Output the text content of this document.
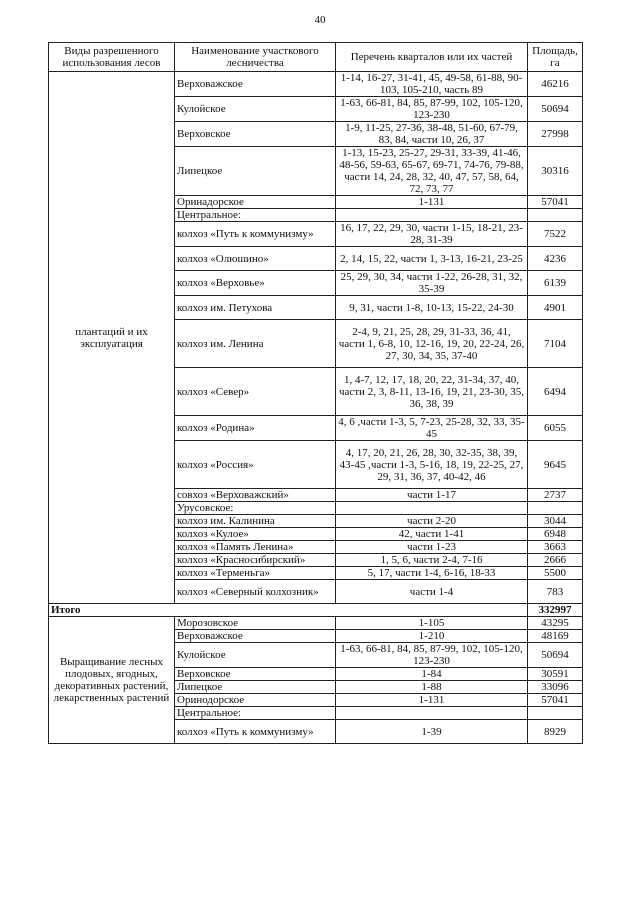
40
Виды разрешенного использования лесов	Наименование участкового лесничества	Перечень кварталов или их частей	Площадь, га
плантаций и их эксплуатация	Верховажское	1-14, 16-27, 31-41, 45, 49-58, 61-88, 90-103, 105-210, часть 89	46216
	Кулойское	1-63, 66-81, 84, 85, 87-99, 102, 105-120, 123-230	50694
	Верховское	1-9, 11-25, 27-36, 38-48, 51-60, 67-79, 83, 84, части 10, 26, 37	27998
	Липецкое	1-13, 15-23, 25-27, 29-31, 33-39, 41-46, 48-56, 59-63, 65-67, 69-71, 74-76, 79-88, части 14, 24, 28, 32, 40, 47, 57, 58, 64, 72, 73, 77	30316
	Оринадорское	1-131	57041
	Центральное:		
	колхоз «Путь к коммунизму»	16, 17, 22, 29, 30, части 1-15, 18-21, 23-28, 31-39	7522
	колхоз «Олюшино»	2, 14, 15, 22, части 1, 3-13, 16-21, 23-25	4236
	колхоз «Верховье»	25, 29, 30, 34, части 1-22, 26-28, 31, 32, 35-39	6139
	колхоз им. Петухова	9, 31, части 1-8, 10-13, 15-22, 24-30	4901
	колхоз им. Ленина	2-4, 9, 21, 25, 28, 29, 31-33, 36, 41, части 1, 6-8, 10, 12-16, 19, 20, 22-24, 26, 27, 30, 34, 35, 37-40	7104
	колхоз «Север»	1, 4-7, 12, 17, 18, 20, 22, 31-34, 37, 40, части 2, 3, 8-11, 13-16, 19, 21, 23-30, 35, 36, 38, 39	6494
	колхоз «Родина»	4, 6 ,части 1-3, 5, 7-23, 25-28, 32, 33, 35-45	6055
	колхоз «Россия»	4, 17, 20, 21, 26, 28, 30, 32-35, 38, 39, 43-45 ,части 1-3, 5-16, 18, 19, 22-25, 27, 29, 31, 36, 37, 40-42, 46	9645
	совхоз «Верховажский»	части 1-17	2737
	Урусовское:		
	колхоз им. Калинина	части 2-20	3044
	колхоз «Кулое»	42, части 1-41	6948
	колхоз «Память Ленина»	части 1-23	3663
	колхоз «Красносибирский»	1, 5, 6, части 2-4, 7-16	2666
	колхоз «Терменьга»	5, 17, части 1-4, 6-16, 18-33	5500
	колхоз «Северный колхозник»	части 1-4	783
Итого			332997
Выращивание лесных плодовых, ягодных, декоративных растений, лекарственных растений	Морозовское	1-105	43295
	Верховажское	1-210	48169
	Кулойское	1-63, 66-81, 84, 85, 87-99, 102, 105-120, 123-230	50694
	Верховское	1-84	30591
	Липецкое	1-88	33096
	Оринодорское	1-131	57041
	Центральное:		
	колхоз «Путь к коммунизму»	1-39	8929
